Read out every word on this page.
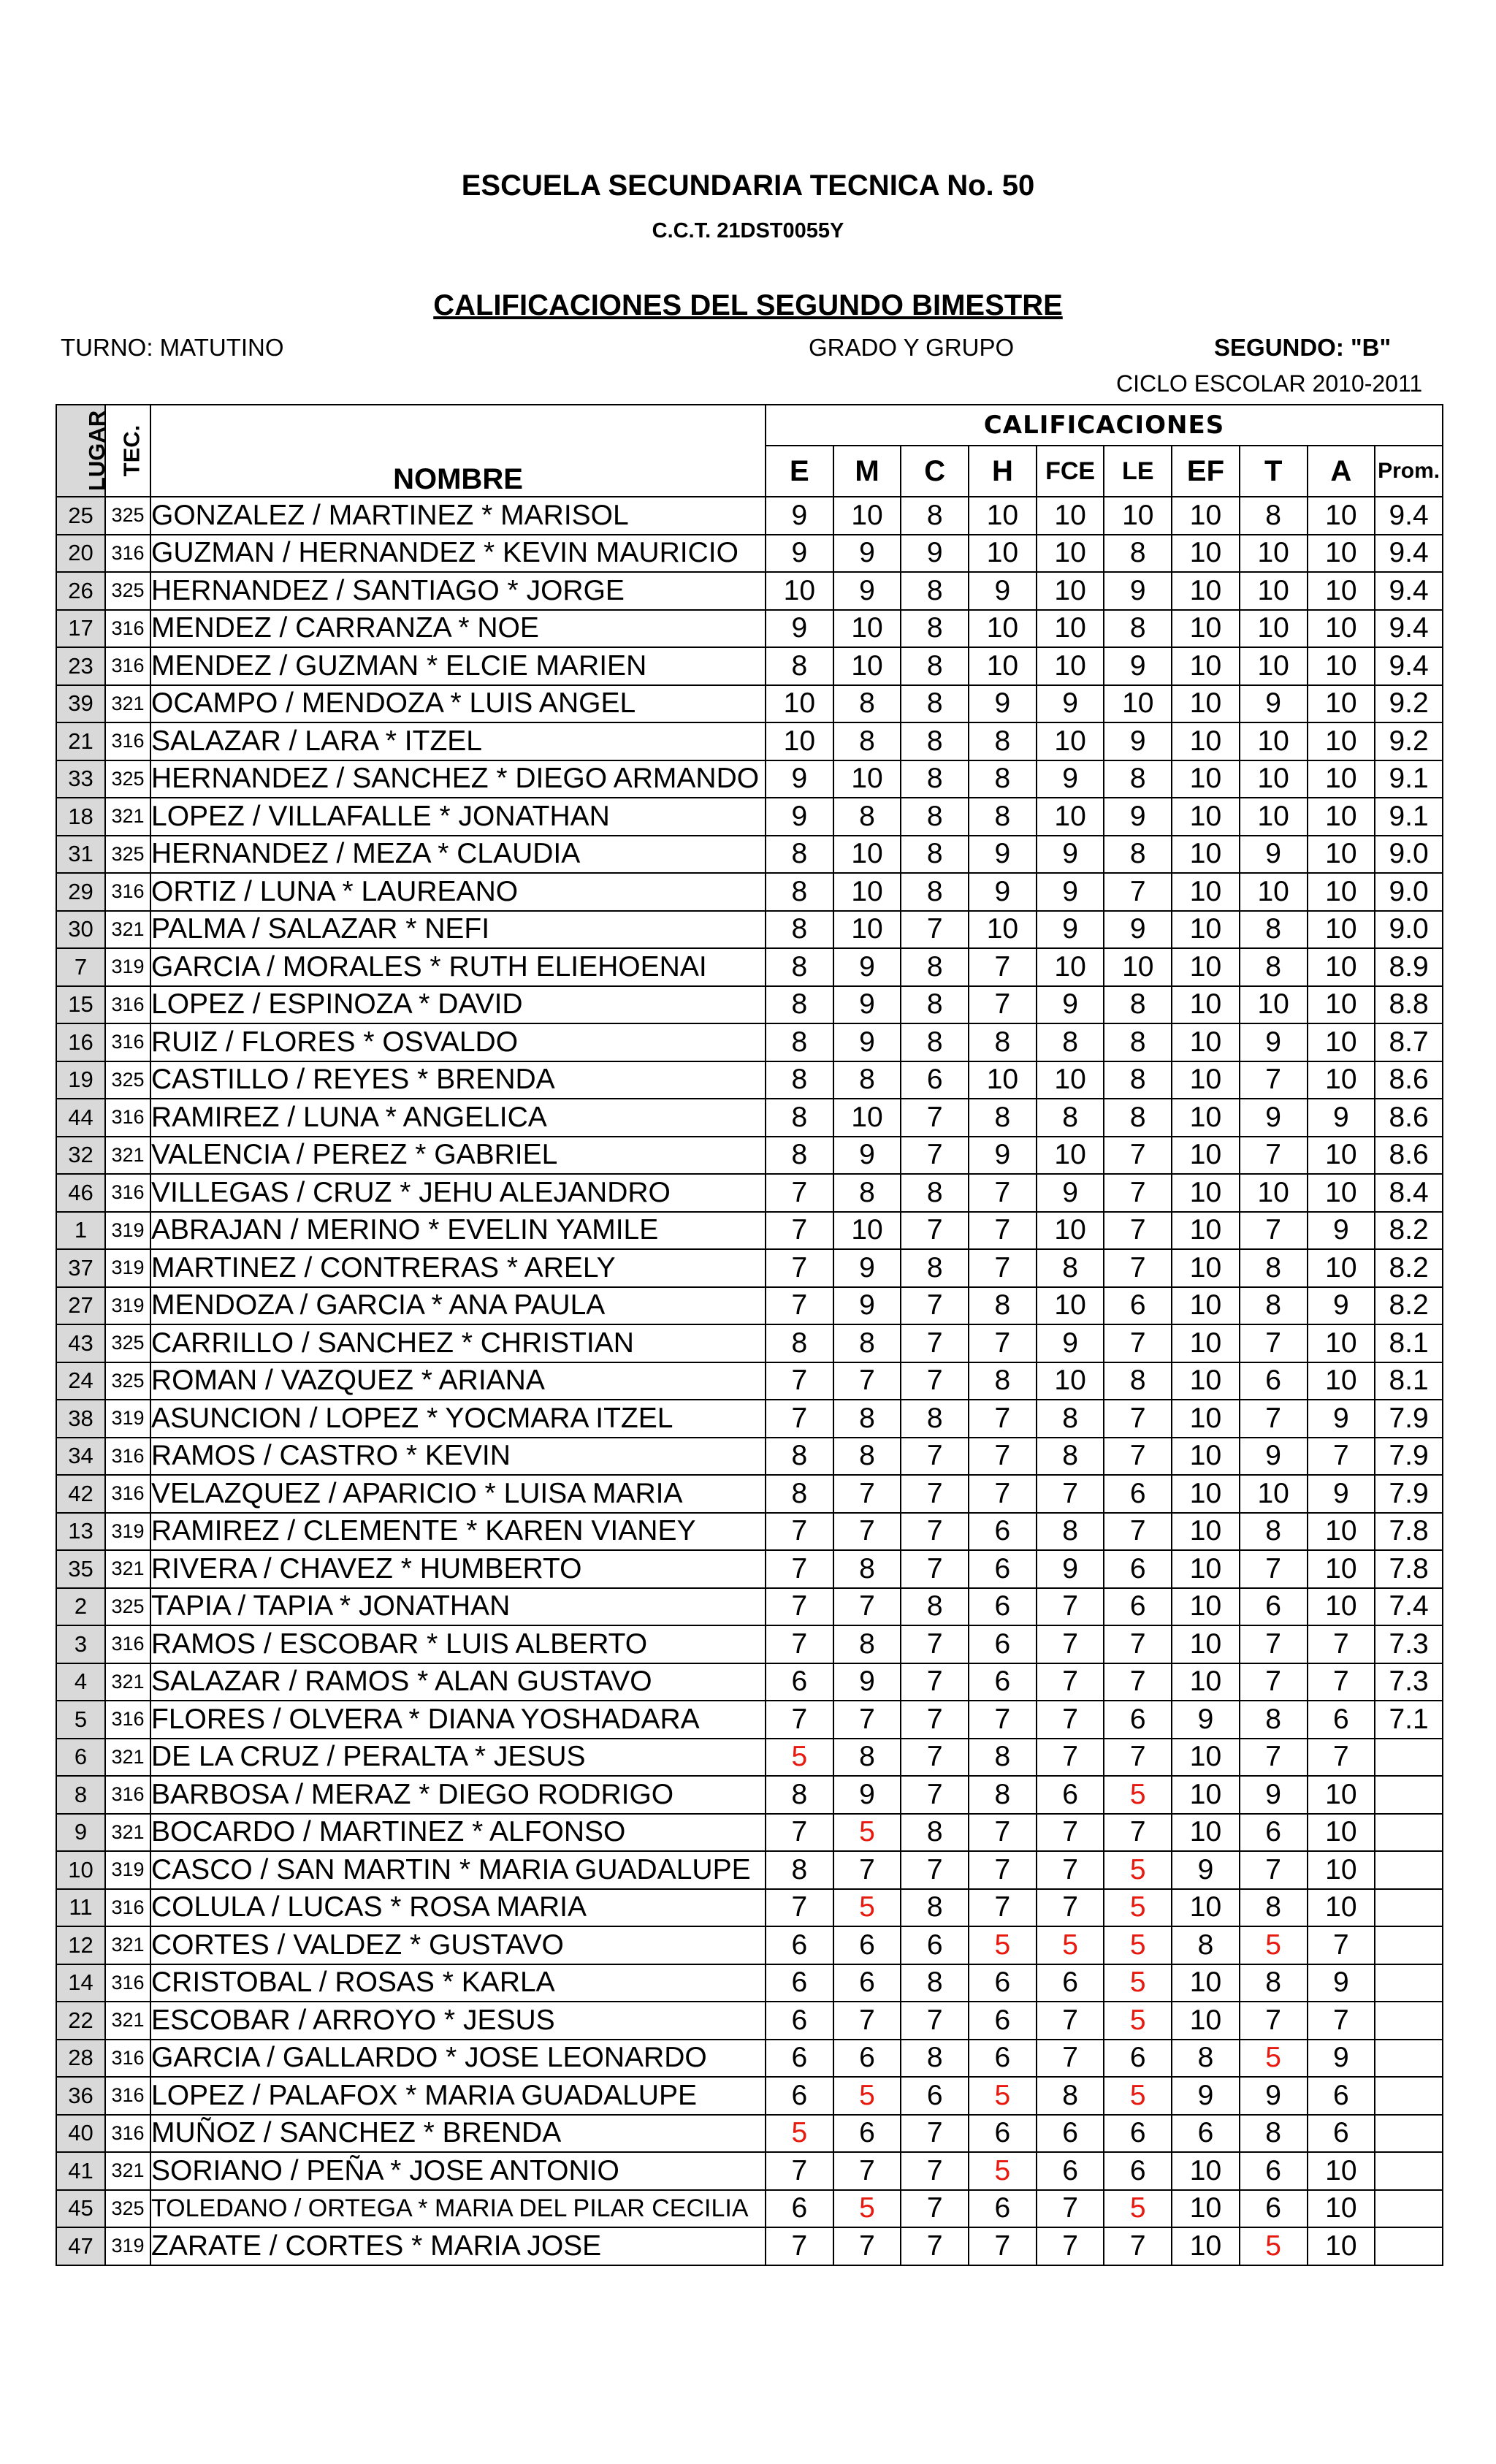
ESCUELA SECUNDARIA TECNICA No. 50
C.C.T. 21DST0055Y
CALIFICACIONES DEL SEGUNDO BIMESTRE
TURNO: MATUTINO	GRADO Y GRUPO	SEGUNDO: "B"
CICLO ESCOLAR 2010-2011
LUGAR	TEC.	NOMBRE	CALIFICACIONES									
			E	M	C	H	FCE	LE	EF	T	A	Prom.
25	325	GONZALEZ / MARTINEZ * MARISOL	9	10	8	10	10	10	10	8	10	9.4
20	316	GUZMAN / HERNANDEZ * KEVIN MAURICIO	9	9	9	10	10	8	10	10	10	9.4
26	325	HERNANDEZ / SANTIAGO * JORGE	10	9	8	9	10	9	10	10	10	9.4
17	316	MENDEZ / CARRANZA * NOE	9	10	8	10	10	8	10	10	10	9.4
23	316	MENDEZ / GUZMAN * ELCIE MARIEN	8	10	8	10	10	9	10	10	10	9.4
39	321	OCAMPO / MENDOZA * LUIS ANGEL	10	8	8	9	9	10	10	9	10	9.2
21	316	SALAZAR / LARA * ITZEL	10	8	8	8	10	9	10	10	10	9.2
33	325	HERNANDEZ / SANCHEZ * DIEGO ARMANDO	9	10	8	8	9	8	10	10	10	9.1
18	321	LOPEZ / VILLAFALLE * JONATHAN	9	8	8	8	10	9	10	10	10	9.1
31	325	HERNANDEZ / MEZA * CLAUDIA	8	10	8	9	9	8	10	9	10	9.0
29	316	ORTIZ / LUNA * LAUREANO	8	10	8	9	9	7	10	10	10	9.0
30	321	PALMA / SALAZAR * NEFI	8	10	7	10	9	9	10	8	10	9.0
7	319	GARCIA / MORALES * RUTH ELIEHOENAI	8	9	8	7	10	10	10	8	10	8.9
15	316	LOPEZ / ESPINOZA * DAVID	8	9	8	7	9	8	10	10	10	8.8
16	316	RUIZ / FLORES * OSVALDO	8	9	8	8	8	8	10	9	10	8.7
19	325	CASTILLO / REYES * BRENDA	8	8	6	10	10	8	10	7	10	8.6
44	316	RAMIREZ / LUNA * ANGELICA	8	10	7	8	8	8	10	9	9	8.6
32	321	VALENCIA / PEREZ * GABRIEL	8	9	7	9	10	7	10	7	10	8.6
46	316	VILLEGAS / CRUZ * JEHU ALEJANDRO	7	8	8	7	9	7	10	10	10	8.4
1	319	ABRAJAN / MERINO * EVELIN YAMILE	7	10	7	7	10	7	10	7	9	8.2
37	319	MARTINEZ / CONTRERAS * ARELY	7	9	8	7	8	7	10	8	10	8.2
27	319	MENDOZA / GARCIA * ANA PAULA	7	9	7	8	10	6	10	8	9	8.2
43	325	CARRILLO / SANCHEZ * CHRISTIAN	8	8	7	7	9	7	10	7	10	8.1
24	325	ROMAN / VAZQUEZ * ARIANA	7	7	7	8	10	8	10	6	10	8.1
38	319	ASUNCION / LOPEZ * YOCMARA ITZEL	7	8	8	7	8	7	10	7	9	7.9
34	316	RAMOS / CASTRO * KEVIN	8	8	7	7	8	7	10	9	7	7.9
42	316	VELAZQUEZ / APARICIO * LUISA MARIA	8	7	7	7	7	6	10	10	9	7.9
13	319	RAMIREZ / CLEMENTE * KAREN VIANEY	7	7	7	6	8	7	10	8	10	7.8
35	321	RIVERA / CHAVEZ * HUMBERTO	7	8	7	6	9	6	10	7	10	7.8
2	325	TAPIA / TAPIA * JONATHAN	7	7	8	6	7	6	10	6	10	7.4
3	316	RAMOS / ESCOBAR * LUIS ALBERTO	7	8	7	6	7	7	10	7	7	7.3
4	321	SALAZAR / RAMOS * ALAN GUSTAVO	6	9	7	6	7	7	10	7	7	7.3
5	316	FLORES / OLVERA * DIANA YOSHADARA	7	7	7	7	7	6	9	8	6	7.1
6	321	DE LA CRUZ / PERALTA * JESUS	5	8	7	8	7	7	10	7	7	
8	316	BARBOSA / MERAZ * DIEGO RODRIGO	8	9	7	8	6	5	10	9	10	
9	321	BOCARDO / MARTINEZ * ALFONSO	7	5	8	7	7	7	10	6	10	
10	319	CASCO / SAN MARTIN * MARIA GUADALUPE	8	7	7	7	7	5	9	7	10	
11	316	COLULA / LUCAS * ROSA MARIA	7	5	8	7	7	5	10	8	10	
12	321	CORTES / VALDEZ * GUSTAVO	6	6	6	5	5	5	8	5	7	
14	316	CRISTOBAL / ROSAS * KARLA	6	6	8	6	6	5	10	8	9	
22	321	ESCOBAR / ARROYO * JESUS	6	7	7	6	7	5	10	7	7	
28	316	GARCIA / GALLARDO * JOSE LEONARDO	6	6	8	6	7	6	8	5	9	
36	316	LOPEZ / PALAFOX * MARIA GUADALUPE	6	5	6	5	8	5	9	9	6	
40	316	MUÑOZ / SANCHEZ * BRENDA	5	6	7	6	6	6	6	8	6	
41	321	SORIANO / PEÑA * JOSE ANTONIO	7	7	7	5	6	6	10	6	10	
45	325	TOLEDANO / ORTEGA * MARIA DEL PILAR CECILIA	6	5	7	6	7	5	10	6	10	
47	319	ZARATE / CORTES * MARIA JOSE	7	7	7	7	7	7	10	5	10	
